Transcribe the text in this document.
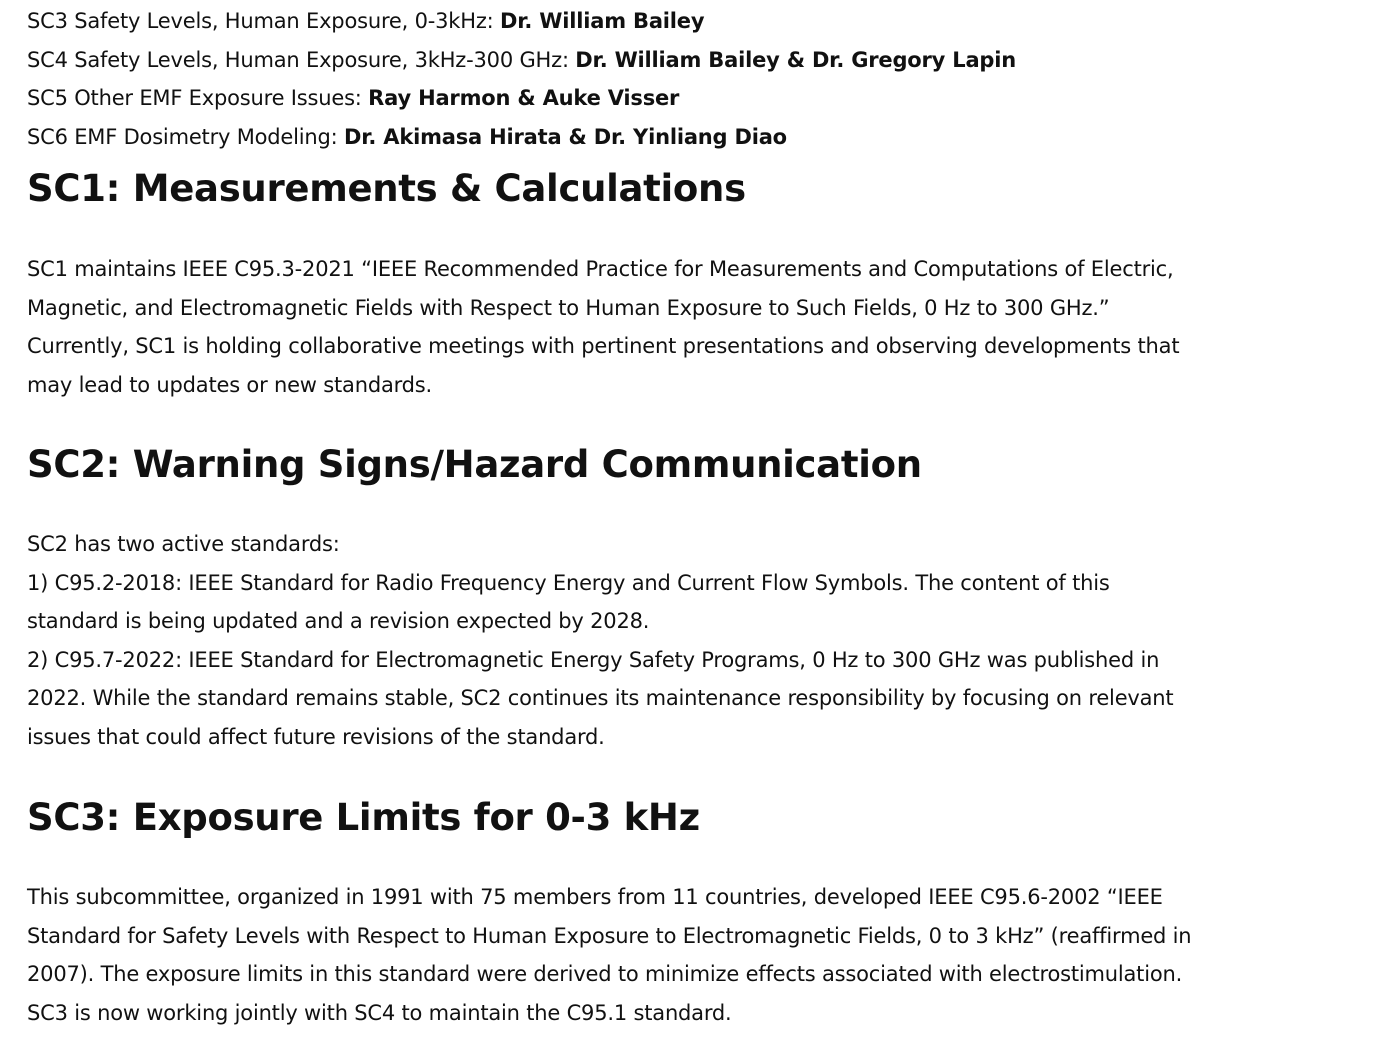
SC3 Safety Levels, Human Exposure, 0-3kHz: Dr. William Bailey
SC4 Safety Levels, Human Exposure, 3kHz-300 GHz: Dr. William Bailey & Dr. Gregory Lapin
SC5 Other EMF Exposure Issues: Ray Harmon & Auke Visser
SC6 EMF Dosimetry Modeling: Dr. Akimasa Hirata & Dr. Yinliang Diao
SC1: Measurements & Calculations
SC1 maintains IEEE C95.3-2021 “IEEE Recommended Practice for Measurements and Computations of Electric,
Magnetic, and Electromagnetic Fields with Respect to Human Exposure to Such Fields, 0 Hz to 300 GHz.”
Currently, SC1 is holding collaborative meetings with pertinent presentations and observing developments that
may lead to updates or new standards.
SC2: Warning Signs/Hazard Communication
SC2 has two active standards:
1) C95.2-2018: IEEE Standard for Radio Frequency Energy and Current Flow Symbols. The content of this
standard is being updated and a revision expected by 2028.
2) C95.7-2022: IEEE Standard for Electromagnetic Energy Safety Programs, 0 Hz to 300 GHz was published in
2022. While the standard remains stable, SC2 continues its maintenance responsibility by focusing on relevant
issues that could affect future revisions of the standard.
SC3: Exposure Limits for 0-3 kHz
This subcommittee, organized in 1991 with 75 members from 11 countries, developed IEEE C95.6-2002 “IEEE
Standard for Safety Levels with Respect to Human Exposure to Electromagnetic Fields, 0 to 3 kHz” (reaffirmed in
2007). The exposure limits in this standard were derived to minimize effects associated with electrostimulation.
SC3 is now working jointly with SC4 to maintain the C95.1 standard.
